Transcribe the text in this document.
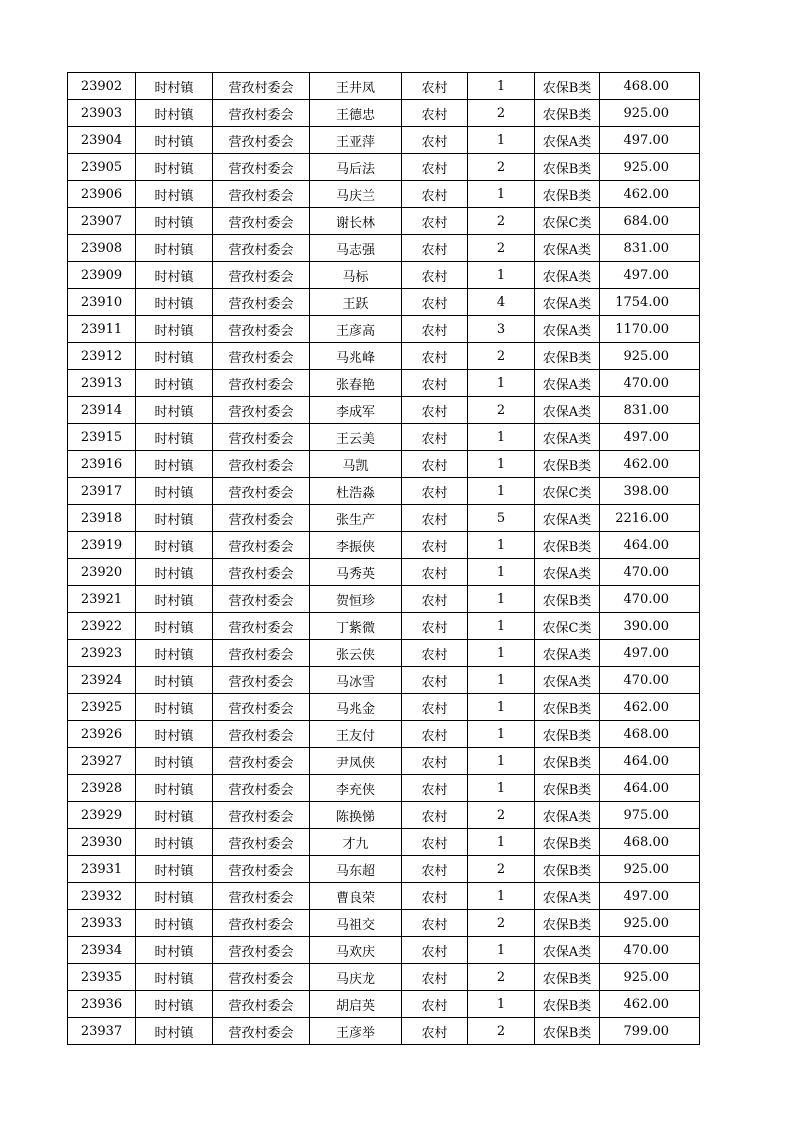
23902	时村镇	营孜村委会	王井凤	农村	1	农保B类	468.00
23903	时村镇	营孜村委会	王德忠	农村	2	农保B类	925.00
23904	时村镇	营孜村委会	王亚萍	农村	1	农保A类	497.00
23905	时村镇	营孜村委会	马后法	农村	2	农保B类	925.00
23906	时村镇	营孜村委会	马庆兰	农村	1	农保B类	462.00
23907	时村镇	营孜村委会	谢长林	农村	2	农保C类	684.00
23908	时村镇	营孜村委会	马志强	农村	2	农保A类	831.00
23909	时村镇	营孜村委会	马标	农村	1	农保A类	497.00
23910	时村镇	营孜村委会	王跃	农村	4	农保A类	1754.00
23911	时村镇	营孜村委会	王彦高	农村	3	农保A类	1170.00
23912	时村镇	营孜村委会	马兆峰	农村	2	农保B类	925.00
23913	时村镇	营孜村委会	张春艳	农村	1	农保A类	470.00
23914	时村镇	营孜村委会	李成军	农村	2	农保A类	831.00
23915	时村镇	营孜村委会	王云美	农村	1	农保A类	497.00
23916	时村镇	营孜村委会	马凯	农村	1	农保B类	462.00
23917	时村镇	营孜村委会	杜浩淼	农村	1	农保C类	398.00
23918	时村镇	营孜村委会	张生产	农村	5	农保A类	2216.00
23919	时村镇	营孜村委会	李振侠	农村	1	农保B类	464.00
23920	时村镇	营孜村委会	马秀英	农村	1	农保A类	470.00
23921	时村镇	营孜村委会	贺恒珍	农村	1	农保B类	470.00
23922	时村镇	营孜村委会	丁紫微	农村	1	农保C类	390.00
23923	时村镇	营孜村委会	张云侠	农村	1	农保A类	497.00
23924	时村镇	营孜村委会	马冰雪	农村	1	农保A类	470.00
23925	时村镇	营孜村委会	马兆金	农村	1	农保B类	462.00
23926	时村镇	营孜村委会	王友付	农村	1	农保B类	468.00
23927	时村镇	营孜村委会	尹凤侠	农村	1	农保B类	464.00
23928	时村镇	营孜村委会	李充侠	农村	1	农保B类	464.00
23929	时村镇	营孜村委会	陈换悌	农村	2	农保A类	975.00
23930	时村镇	营孜村委会	才九	农村	1	农保B类	468.00
23931	时村镇	营孜村委会	马东超	农村	2	农保B类	925.00
23932	时村镇	营孜村委会	曹良荣	农村	1	农保A类	497.00
23933	时村镇	营孜村委会	马祖交	农村	2	农保B类	925.00
23934	时村镇	营孜村委会	马欢庆	农村	1	农保A类	470.00
23935	时村镇	营孜村委会	马庆龙	农村	2	农保B类	925.00
23936	时村镇	营孜村委会	胡启英	农村	1	农保B类	462.00
23937	时村镇	营孜村委会	王彦举	农村	2	农保B类	799.00
